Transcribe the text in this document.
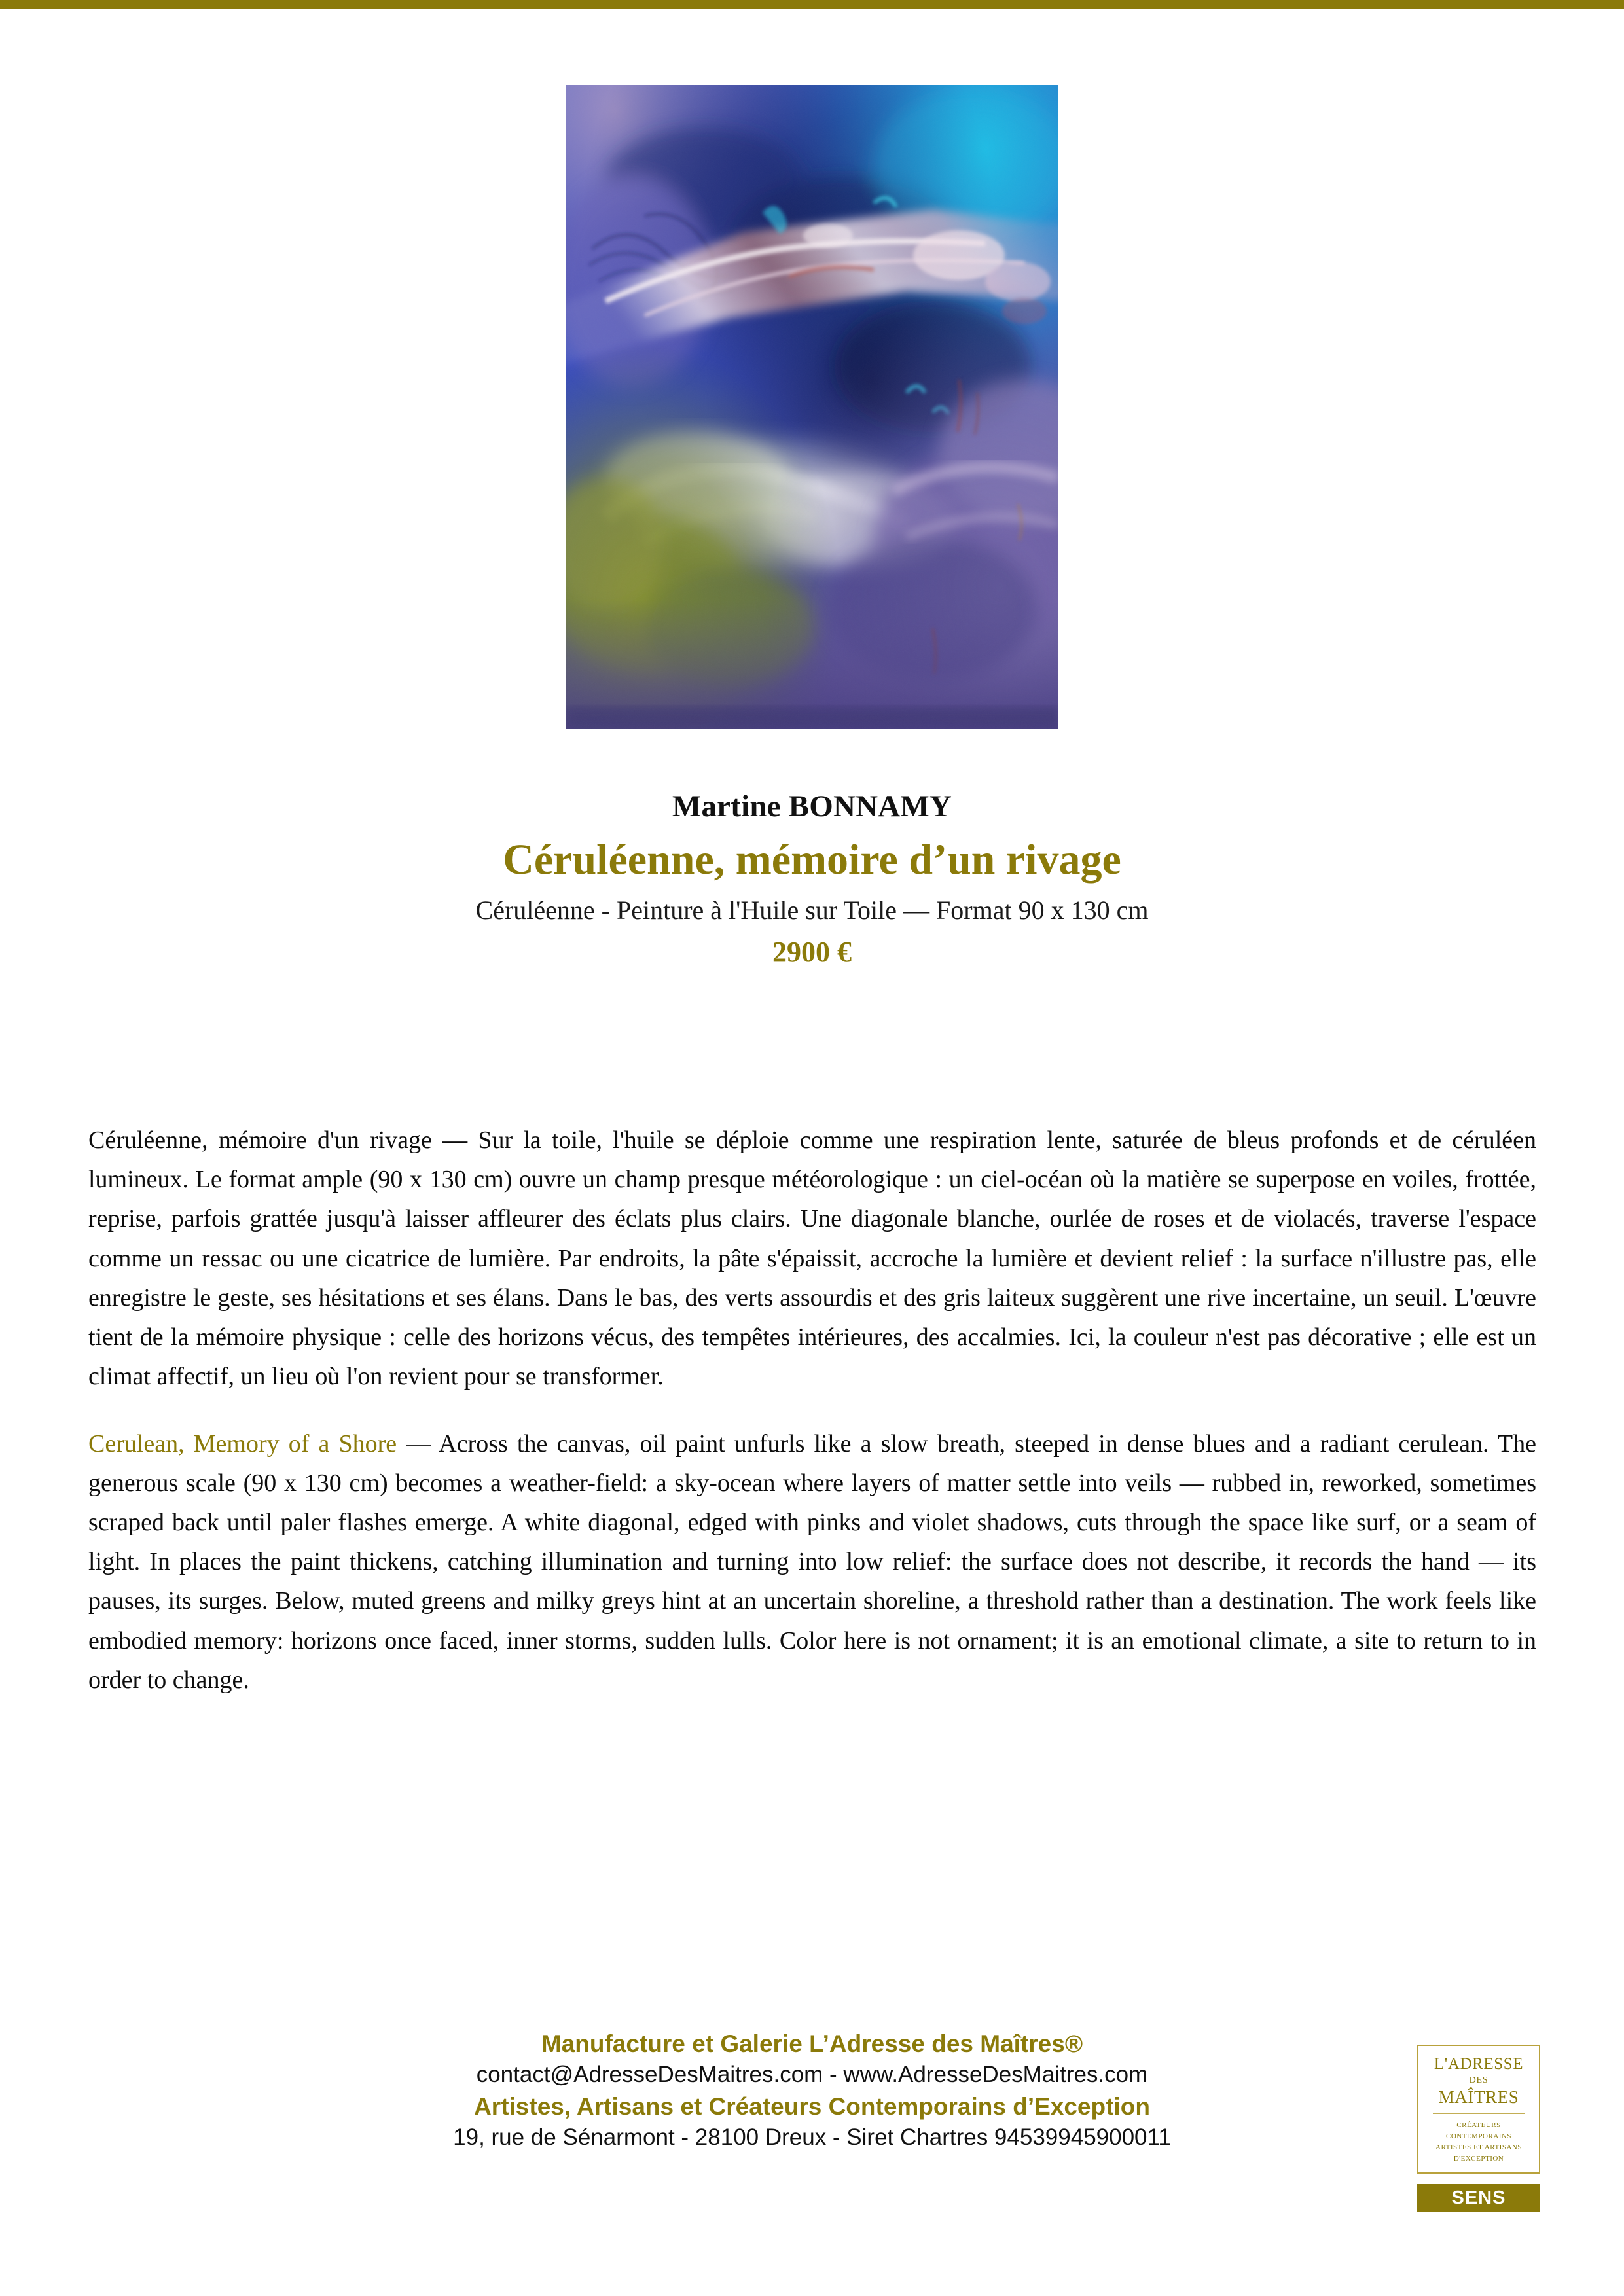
Martine BONNAMY
Céruléenne, mémoire d’un rivage
Céruléenne - Peinture à l'Huile sur Toile — Format 90 x 130 cm
2900 €

Céruléenne, mémoire d'un rivage — Sur la toile, l'huile se déploie comme une respiration lente, saturée de bleus profonds et de céruléen lumineux. Le format ample (90 x 130 cm) ouvre un champ presque météorologique : un ciel-océan où la matière se superpose en voiles, frottée, reprise, parfois grattée jusqu'à laisser affleurer des éclats plus clairs. Une diagonale blanche, ourlée de roses et de violacés, traverse l'espace comme un ressac ou une cicatrice de lumière. Par endroits, la pâte s'épaissit, accroche la lumière et devient relief : la surface n'illustre pas, elle enregistre le geste, ses hésitations et ses élans. Dans le bas, des verts assourdis et des gris laiteux suggèrent une rive incertaine, un seuil. L'œuvre tient de la mémoire physique : celle des horizons vécus, des tempêtes intérieures, des accalmies. Ici, la couleur n'est pas décorative ; elle est un climat affectif, un lieu où l'on revient pour se transformer.

Cerulean, Memory of a Shore — Across the canvas, oil paint unfurls like a slow breath, steeped in dense blues and a radiant cerulean. The generous scale (90 x 130 cm) becomes a weather-field: a sky-ocean where layers of matter settle into veils — rubbed in, reworked, sometimes scraped back until paler flashes emerge. A white diagonal, edged with pinks and violet shadows, cuts through the space like surf, or a seam of light. In places the paint thickens, catching illumination and turning into low relief: the surface does not describe, it records the hand — its pauses, its surges. Below, muted greens and milky greys hint at an uncertain shoreline, a threshold rather than a destination. The work feels like embodied memory: horizons once faced, inner storms, sudden lulls. Color here is not ornament; it is an emotional climate, a site to return to in order to change.

Manufacture et Galerie L’Adresse des Maîtres®
contact@AdresseDesMaitres.com - www.AdresseDesMaitres.com
Artistes, Artisans et Créateurs Contemporains d’Exception
19, rue de Sénarmont - 28100 Dreux - Siret Chartres 94539945900011
L'ADRESSE
DES
MAÎTRES
CRÉATEURS CONTEMPORAINS
ARTISTES ET ARTISANS
D'EXCEPTION
SENS
